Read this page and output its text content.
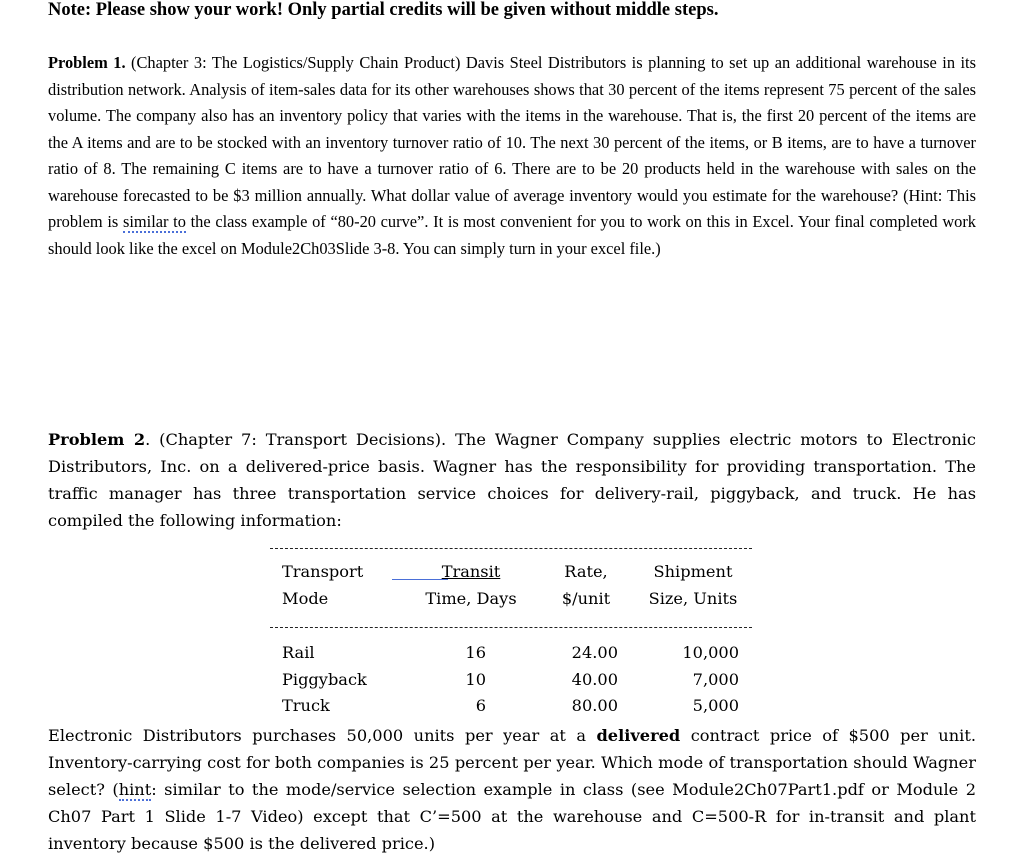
Note: Please show your work! Only partial credits will be given without middle steps.
Problem 1. (Chapter 3: The Logistics/Supply Chain Product) Davis Steel Distributors is planning to set up an additional warehouse in its distribution network. Analysis of item-sales data for its other warehouses shows that 30 percent of the items represent 75 percent of the sales volume. The company also has an inventory policy that varies with the items in the warehouse. That is, the first 20 percent of the items are the A items and are to be stocked with an inventory turnover ratio of 10. The next 30 percent of the items, or B items, are to have a turnover ratio of 8. The remaining C items are to have a turnover ratio of 6. There are to be 20 products held in the warehouse with sales on the warehouse forecasted to be $3 million annually. What dollar value of average inventory would you estimate for the warehouse? (Hint: This problem is similar to the class example of “80-20 curve”. It is most convenient for you to work on this in Excel. Your final completed work should look like the excel on Module2Ch03Slide 3-8. You can simply turn in your excel file.)
Problem 2. (Chapter 7: Transport Decisions). The Wagner Company supplies electric motors to Electronic Distributors, Inc. on a delivered-price basis. Wagner has the responsibility for providing transportation. The traffic manager has three transportation service choices for delivery-rail, piggyback, and truck. He has compiled the following information:
Transport	Transit	Rate,	Shipment
Mode	Time, Days	$/unit	Size, Units
Rail	16	24.00	10,000
Piggyback	10	40.00	7,000
Truck	6	80.00	5,000
Electronic Distributors purchases 50,000 units per year at a delivered contract price of $500 per unit. Inventory-carrying cost for both companies is 25 percent per year. Which mode of transportation should Wagner select? (hint: similar to the mode/service selection example in class (see Module2Ch07Part1.pdf or Module 2 Ch07 Part 1 Slide 1-7 Video) except that C’=500 at the warehouse and C=500-R for in-transit and plant inventory because $500 is the delivered price.)
